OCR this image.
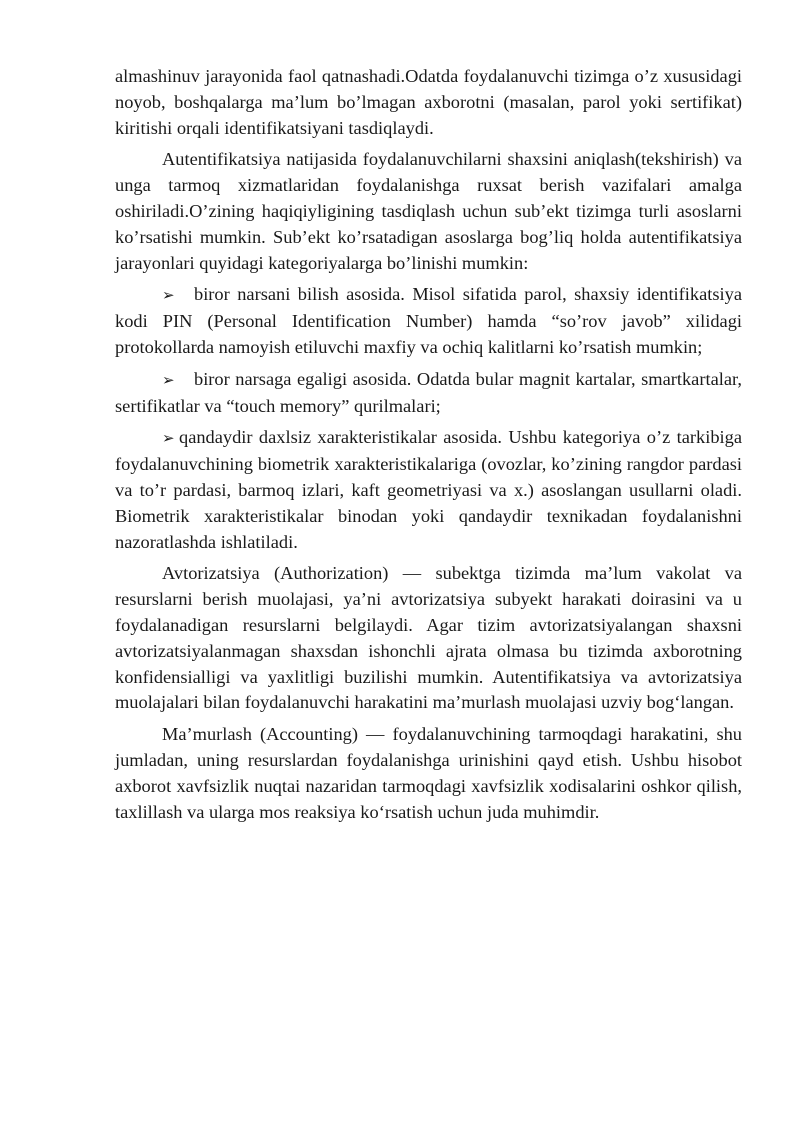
almashinuv jarayonida faol qatnashadi.Odatda foydalanuvchi tizimga o’z xususidagi noyob, boshqalarga ma’lum bo’lmagan axborotni (masalan, parol yoki sertifikat) kiritishi orqali identifikatsiyani tasdiqlaydi.

Autentifikatsiya natijasida foydalanuvchilarni shaxsini aniqlash(tekshirish) va unga tarmoq xizmatlaridan foydalanishga ruxsat berish vazifalari amalga oshiriladi.O’zining haqiqiyligining tasdiqlash uchun sub’ekt tizimga turli asoslarni ko’rsatishi mumkin. Sub’ekt ko’rsatadigan asoslarga bog’liq holda autentifikatsiya jarayonlari quyidagi kategoriyalarga bo’linishi mumkin:

➢ biror narsani bilish asosida. Misol sifatida parol, shaxsiy identifikatsiya kodi PIN (Personal Identification Number) hamda “so’rov javob” xilidagi protokollarda namoyish etiluvchi maxfiy va ochiq kalitlarni ko’rsatish mumkin;

➢ biror narsaga egaligi asosida. Odatda bular magnit kartalar, smartkartalar, sertifikatlar va “touch memory” qurilmalari;

➢ qandaydir daxlsiz xarakteristikalar asosida. Ushbu kategoriya o’z tarkibiga foydalanuvchining biometrik xarakteristikalariga (ovozlar, ko’zining rangdor pardasi va to’r pardasi, barmoq izlari, kaft geometriyasi va x.) asoslangan usullarni oladi. Biometrik xarakteristikalar binodan yoki qandaydir texnikadan foydalanishni nazoratlashda ishlatiladi.

Avtorizatsiya (Authorization) — subektga tizimda ma’lum vakolat va resurslarni berish muolajasi, ya’ni avtorizatsiya subyekt harakati doirasini va u foydalanadigan resurslarni belgilaydi. Agar tizim avtorizatsiyalangan shaxsni avtorizatsiyalanmagan shaxsdan ishonchli ajrata olmasa bu tizimda axborotning konfidensialligi va yaxlitligi buzilishi mumkin. Autentifikatsiya va avtorizatsiya muolajalari bilan foydalanuvchi harakatini ma’murlash muolajasi uzviy bog‘langan.

Ma’murlash (Accounting) — foydalanuvchining tarmoqdagi harakatini, shu jumladan, uning resurslardan foydalanishga urinishini qayd etish. Ushbu hisobot axborot xavfsizlik nuqtai nazaridan tarmoqdagi xavfsizlik xodisalarini oshkor qilish, taxlillash va ularga mos reaksiya ko‘rsatish uchun juda muhimdir.
